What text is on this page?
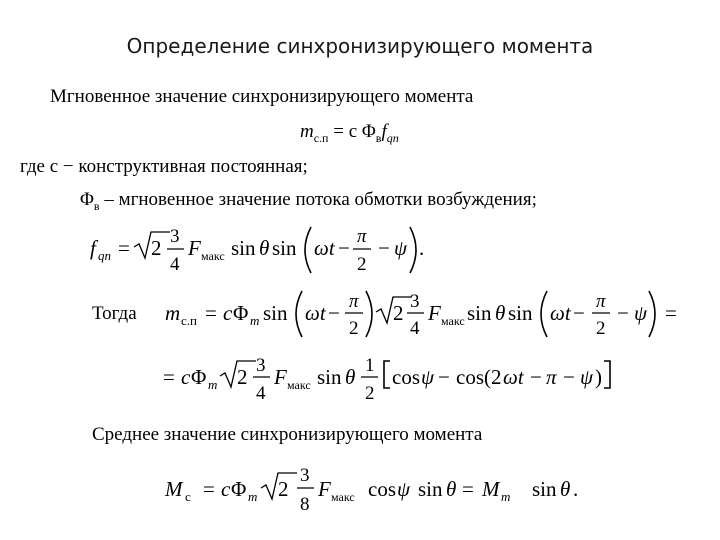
Определение синхронизирующего момента
Мгновенное значение синхронизирующего момента
$m_{с.п} = c$ $\Phi_вf_{qп}$
где c − конструктивная постоянная;
$\Phi_в$ – мгновенное значение потока обмотки возбуждения;
Тогда
Среднее значение синхронизирующего момента
f qп = 2 3
4
F макс sin θ sin ωt − π
2
− ψ .
m с.п = c Φ m sin ωt − π
2
2 3
4
F макс sin θ sin ωt − π
2
− ψ =
= c Φ m 2 3
4
F макс sin θ 1
2
cos ψ − cos(2 ωt − π − ψ )
M c = c Φ m 2
3
8
F макс cos ψ sin θ = M m sin θ .
